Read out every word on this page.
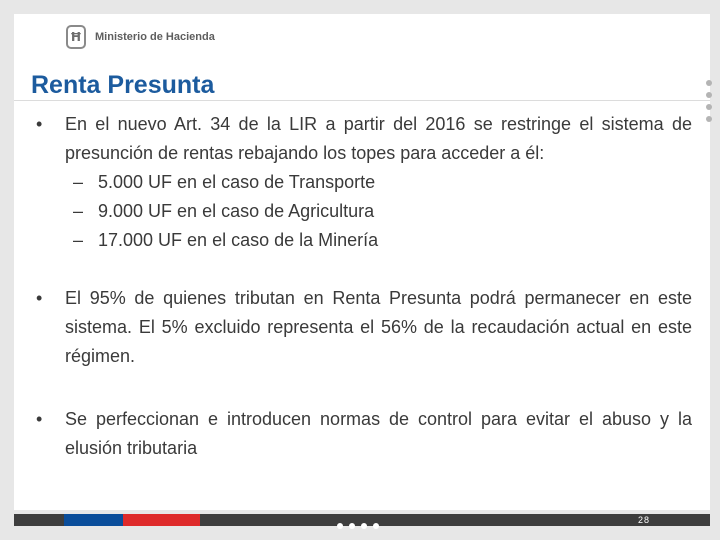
Ħ	Ministerio de Hacienda
Renta Presunta
• En el nuevo Art. 34 de la LIR a partir del 2016 se restringe el sistema de presunción de rentas rebajando los topes para acceder a él:
– 5.000 UF en el caso de Transporte
– 9.000 UF en el caso de Agricultura
– 17.000 UF en el caso de la Minería
• El 95% de quienes tributan en Renta Presunta podrá permanecer en este sistema. El 5% excluido representa el 56% de la recaudación actual en este régimen.
• Se perfeccionan e introducen normas de control para evitar el abuso y la elusión tributaria
28
